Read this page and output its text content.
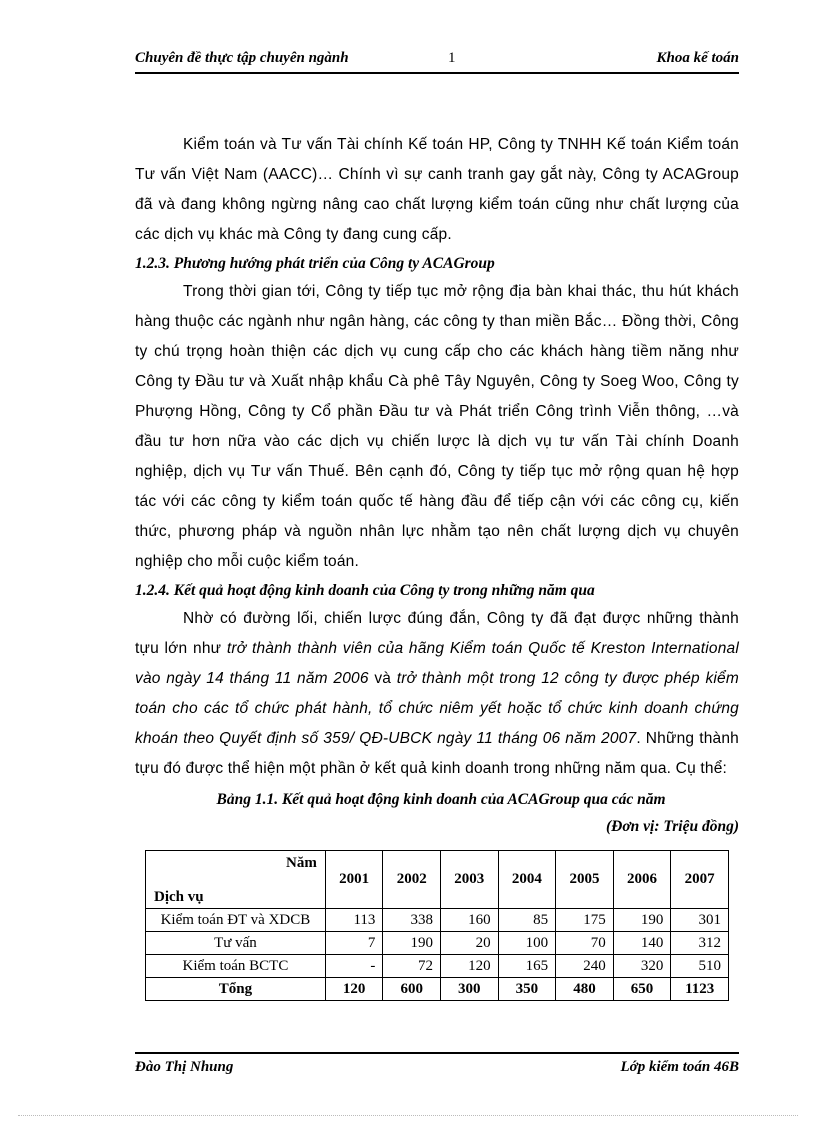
Chuyên đề thực tập chuyên ngành	1	Khoa kế toán

Kiểm toán và Tư vấn Tài chính Kế toán HP, Công ty TNHH Kế toán Kiểm toán Tư vấn Việt Nam (AACC)… Chính vì sự canh tranh gay gắt này, Công ty ACAGroup đã và đang không ngừng nâng cao chất lượng kiểm toán cũng như chất lượng của các dịch vụ khác mà Công ty đang cung cấp.

1.2.3. Phương hướng phát triển của Công ty ACAGroup

Trong thời gian tới, Công ty tiếp tục mở rộng địa bàn khai thác, thu hút khách hàng thuộc các ngành như ngân hàng, các công ty than miền Bắc… Đồng thời, Công ty chú trọng hoàn thiện các dịch vụ cung cấp cho các khách hàng tiềm năng như Công ty Đầu tư và Xuất nhập khẩu Cà phê Tây Nguyên, Công ty Soeg Woo, Công ty Phượng Hồng, Công ty Cổ phần Đầu tư và Phát triển Công trình Viễn thông, …và đầu tư hơn nữa vào các dịch vụ chiến lược là dịch vụ tư vấn Tài chính Doanh nghiệp, dịch vụ Tư vấn Thuế. Bên cạnh đó, Công ty tiếp tục mở rộng quan hệ hợp tác với các công ty kiểm toán quốc tế hàng đầu để tiếp cận với các công cụ, kiến thức, phương pháp và nguồn nhân lực nhằm tạo nên chất lượng dịch vụ chuyên nghiệp cho mỗi cuộc kiểm toán.

1.2.4. Kết quả hoạt động kinh doanh của Công ty trong những năm qua

Nhờ có đường lối, chiến lược đúng đắn, Công ty đã đạt được những thành tựu lớn như trở thành thành viên của hãng Kiểm toán Quốc tế Kreston International vào ngày 14 tháng 11 năm 2006 và trở thành một trong 12 công ty được phép kiểm toán cho các tổ chức phát hành, tổ chức niêm yết hoặc tổ chức kinh doanh chứng khoán theo Quyết định số 359/ QĐ-UBCK ngày 11 tháng 06 năm 2007. Những thành tựu đó được thể hiện một phần ở kết quả kinh doanh trong những năm qua. Cụ thể:

Bảng 1.1. Kết quả hoạt động kinh doanh của ACAGroup qua các năm
(Đơn vị: Triệu đồng)
Năm
Dịch vụ	2001	2002	2003	2004	2005	2006	2007
Kiểm toán ĐT và XDCB	113	338	160	85	175	190	301
Tư vấn	7	190	20	100	70	140	312
Kiểm toán BCTC	-	72	120	165	240	320	510
Tổng	120	600	300	350	480	650	1123
Đào Thị Nhung	Lớp kiểm toán 46B
